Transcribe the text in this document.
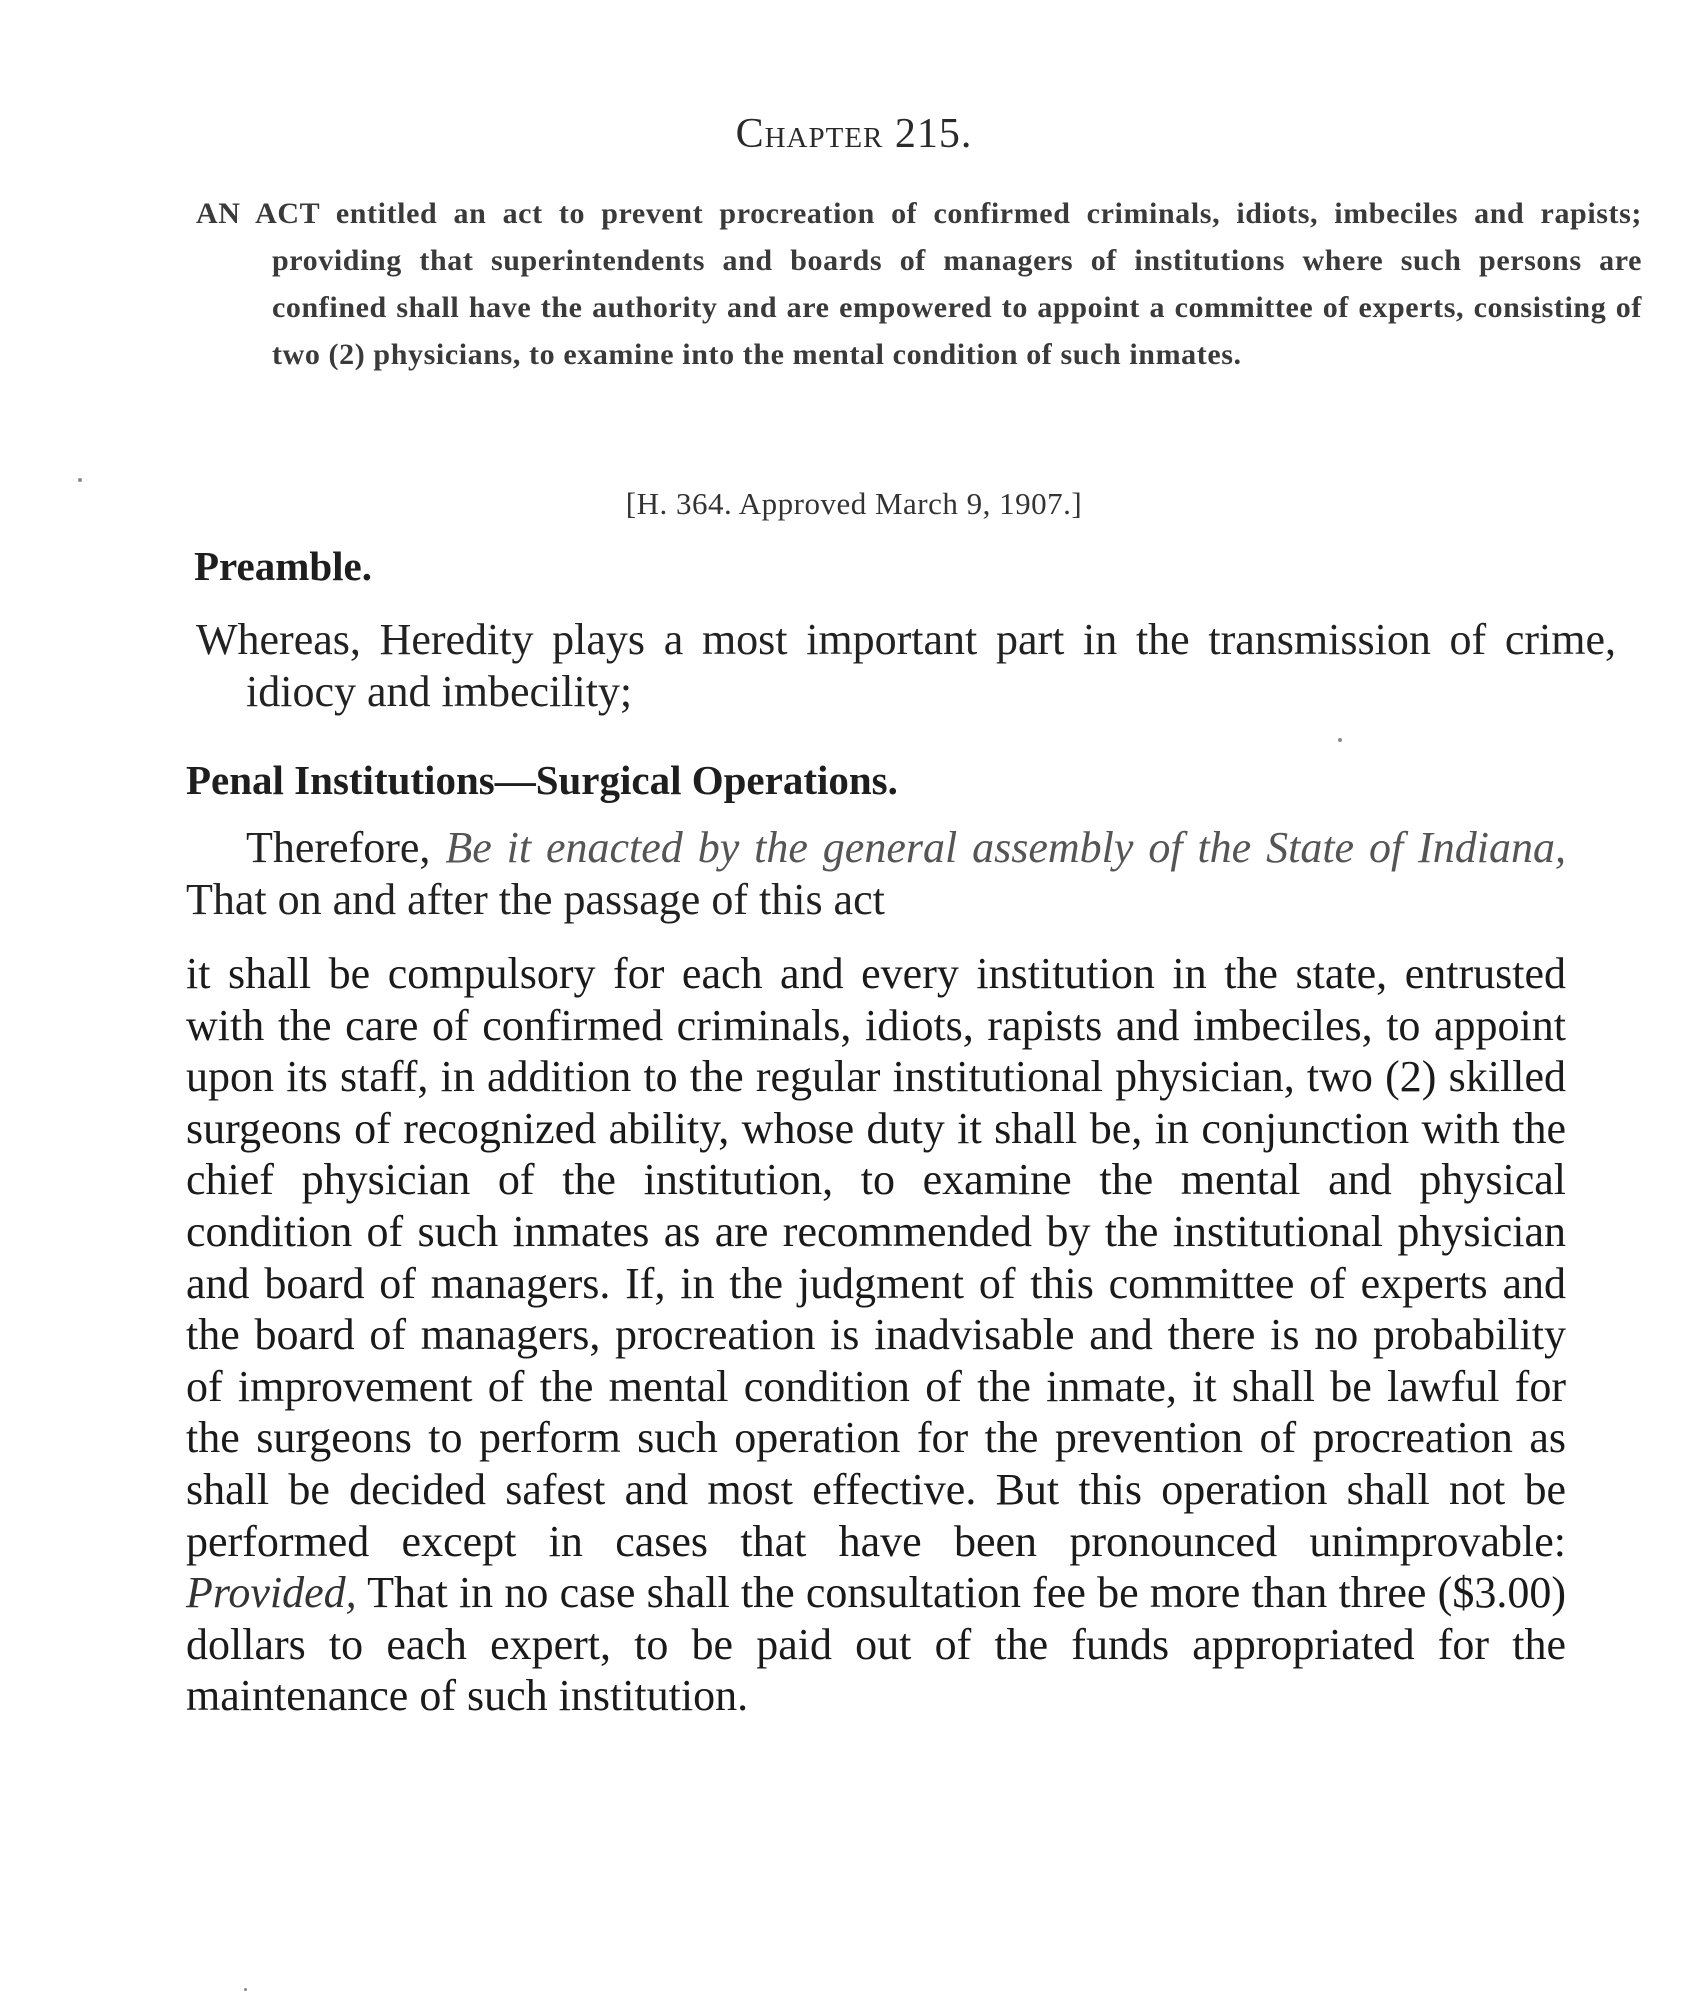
Chapter 215.

AN ACT entitled an act to prevent procreation of confirmed criminals, idiots, imbeciles and rapists; providing that superintendents and boards of managers of institutions where such persons are confined shall have the authority and are empowered to appoint a committee of experts, consisting of two (2) physicians, to examine into the mental condition of such inmates.

[H. 364. Approved March 9, 1907.]
Preamble.

Whereas, Heredity plays a most important part in the transmission of crime, idiocy and imbecility;

Penal Institutions—Surgical Operations.

Therefore, Be it enacted by the general assembly of the State of Indiana, That on and after the passage of this act

it shall be compulsory for each and every institution in the state, entrusted with the care of confirmed criminals, idiots, rapists and imbeciles, to appoint upon its staff, in addition to the regular institutional physician, two (2) skilled surgeons of recognized ability, whose duty it shall be, in conjunction with the chief physician of the institution, to examine the mental and physical condition of such inmates as are recommended by the institutional physician and board of managers. If, in the judgment of this committee of experts and the board of managers, procreation is inadvisable and there is no probability of improvement of the mental condition of the inmate, it shall be lawful for the surgeons to perform such operation for the prevention of procreation as shall be decided safest and most effective. But this operation shall not be performed except in cases that have been pronounced unimprovable: Provided, That in no case shall the consultation fee be more than three ($3.00) dollars to each expert, to be paid out of the funds appropriated for the maintenance of such institution.
